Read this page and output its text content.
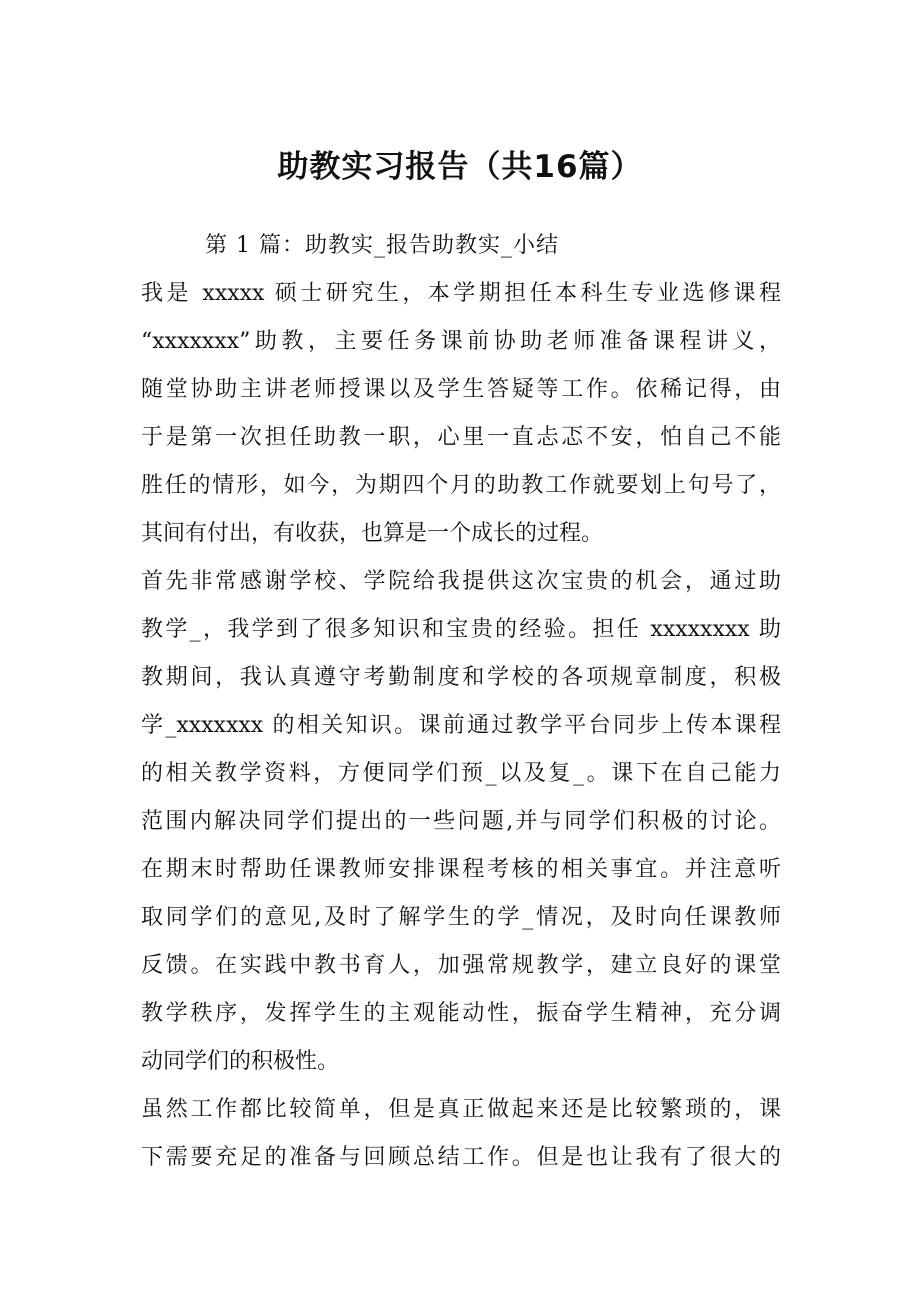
助教实习报告（共16篇）

第 1 篇：助教实_报告助教实_小结

我是 xxxxx 硕士研究生，本学期担任本科生专业选修课程

“xxxxxxx”助教，主要任务课前协助老师准备课程讲义，

随堂协助主讲老师授课以及学生答疑等工作。依稀记得，由

于是第一次担任助教一职，心里一直忐忑不安，怕自己不能

胜任的情形，如今，为期四个月的助教工作就要划上句号了，

其间有付出，有收获，也算是一个成长的过程。

首先非常感谢学校、学院给我提供这次宝贵的机会，通过助

教学_，我学到了很多知识和宝贵的经验。担任 xxxxxxxx 助

教期间，我认真遵守考勤制度和学校的各项规章制度，积极

学_xxxxxxx 的相关知识。课前通过教学平台同步上传本课程

的相关教学资料，方便同学们预_以及复_。课下在自己能力

范围内解决同学们提出的一些问题,并与同学们积极的讨论。

在期末时帮助任课教师安排课程考核的相关事宜。并注意听

取同学们的意见,及时了解学生的学_情况，及时向任课教师

反馈。在实践中教书育人，加强常规教学，建立良好的课堂

教学秩序，发挥学生的主观能动性，振奋学生精神，充分调

动同学们的积极性。

虽然工作都比较简单，但是真正做起来还是比较繁琐的，课

下需要充足的准备与回顾总结工作。但是也让我有了很大的
